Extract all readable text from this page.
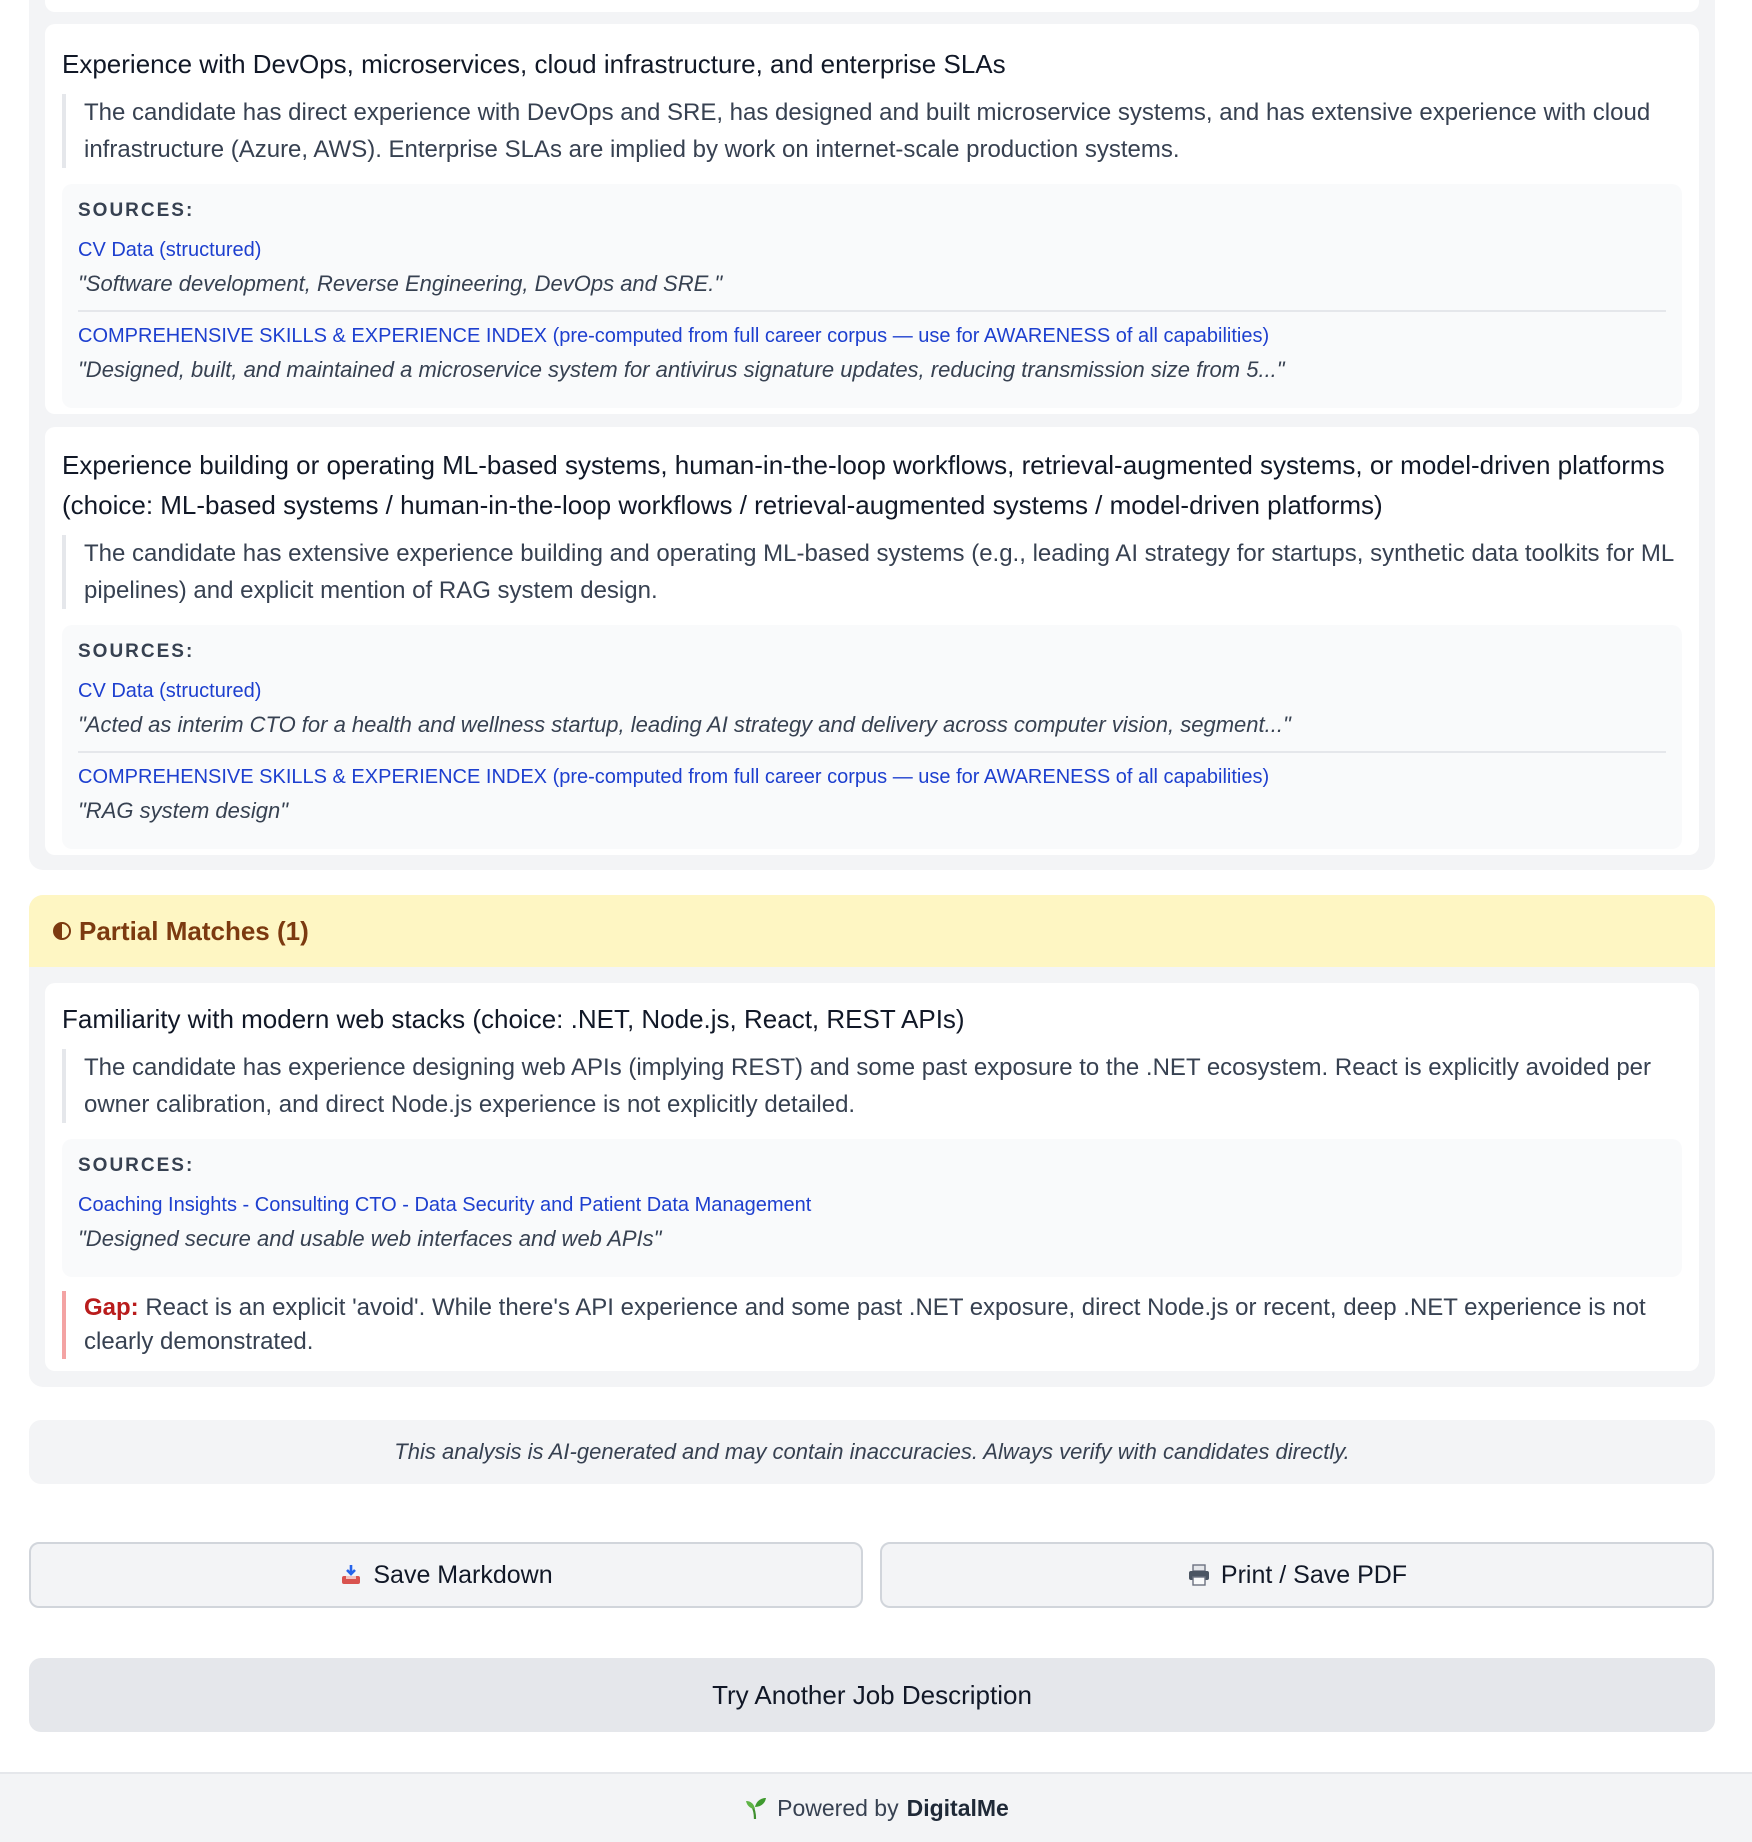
Experience with DevOps, microservices, cloud infrastructure, and enterprise SLAs
The candidate has direct experience with DevOps and SRE, has designed and built microservice systems, and has extensive experience with cloud infrastructure (Azure, AWS). Enterprise SLAs are implied by work on internet-scale production systems.
SOURCES:
CV Data (structured)
"Software development, Reverse Engineering, DevOps and SRE."
COMPREHENSIVE SKILLS & EXPERIENCE INDEX (pre-computed from full career corpus — use for AWARENESS of all capabilities)
"Designed, built, and maintained a microservice system for antivirus signature updates, reducing transmission size from 5..."
Experience building or operating ML-based systems, human-in-the-loop workflows, retrieval-augmented systems, or model-driven platforms (choice: ML-based systems / human-in-the-loop workflows / retrieval-augmented systems / model-driven platforms)
The candidate has extensive experience building and operating ML-based systems (e.g., leading AI strategy for startups, synthetic data toolkits for ML pipelines) and explicit mention of RAG system design.
SOURCES:
CV Data (structured)
"Acted as interim CTO for a health and wellness startup, leading AI strategy and delivery across computer vision, segment..."
COMPREHENSIVE SKILLS & EXPERIENCE INDEX (pre-computed from full career corpus — use for AWARENESS of all capabilities)
"RAG system design"
Partial Matches (1)
Familiarity with modern web stacks (choice: .NET, Node.js, React, REST APIs)
The candidate has experience designing web APIs (implying REST) and some past exposure to the .NET ecosystem. React is explicitly avoided per owner calibration, and direct Node.js experience is not explicitly detailed.
SOURCES:
Coaching Insights - Consulting CTO - Data Security and Patient Data Management
"Designed secure and usable web interfaces and web APIs"
Gap: React is an explicit 'avoid'. While there's API experience and some past .NET exposure, direct Node.js or recent, deep .NET experience is not clearly demonstrated.
This analysis is AI-generated and may contain inaccuracies. Always verify with candidates directly.
Save Markdown	Print / Save PDF
Try Another Job Description
Powered by DigitalMe
